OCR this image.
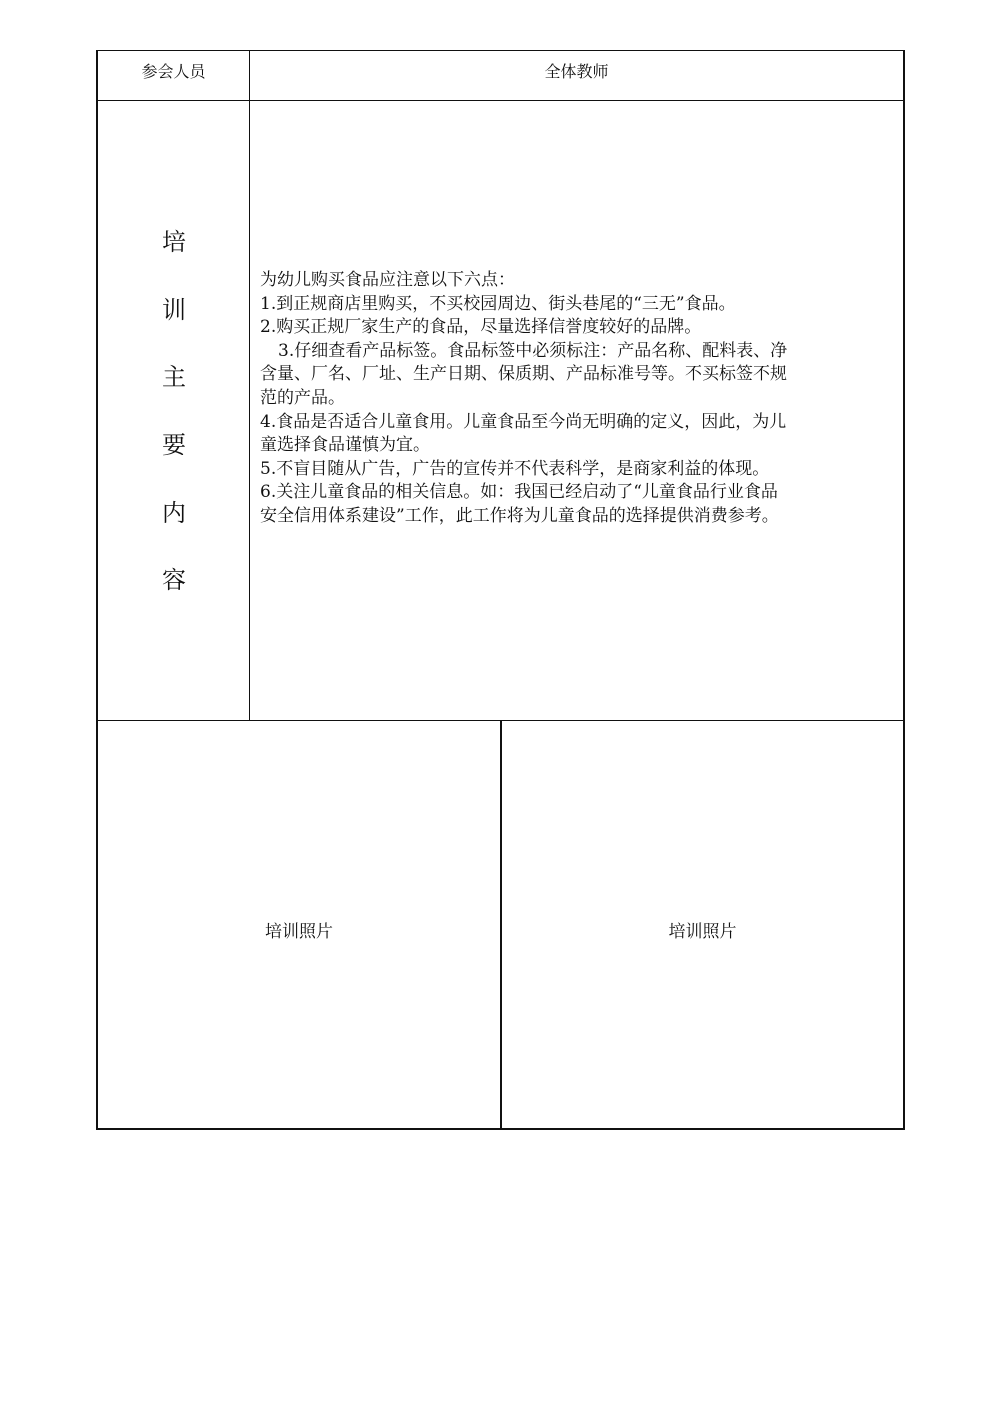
参会人员	全体教师
培
训
主
要
内
容

为幼儿购买食品应注意以下六点：

1.到正规商店里购买，不买校园周边、街头巷尾的“三无”食品。

2.购买正规厂家生产的食品，尽量选择信誉度较好的品牌。

3.仔细查看产品标签。食品标签中必须标注：产品名称、配料表、净

含量、厂名、厂址、生产日期、保质期、产品标准号等。不买标签不规

范的产品。

4.食品是否适合儿童食用。儿童食品至今尚无明确的定义，因此，为儿

童选择食品谨慎为宜。

5.不盲目随从广告，广告的宣传并不代表科学，是商家利益的体现。

6.关注儿童食品的相关信息。如：我国已经启动了“儿童食品行业食品

安全信用体系建设”工作，此工作将为儿童食品的选择提供消费参考。

培训照片	培训照片
